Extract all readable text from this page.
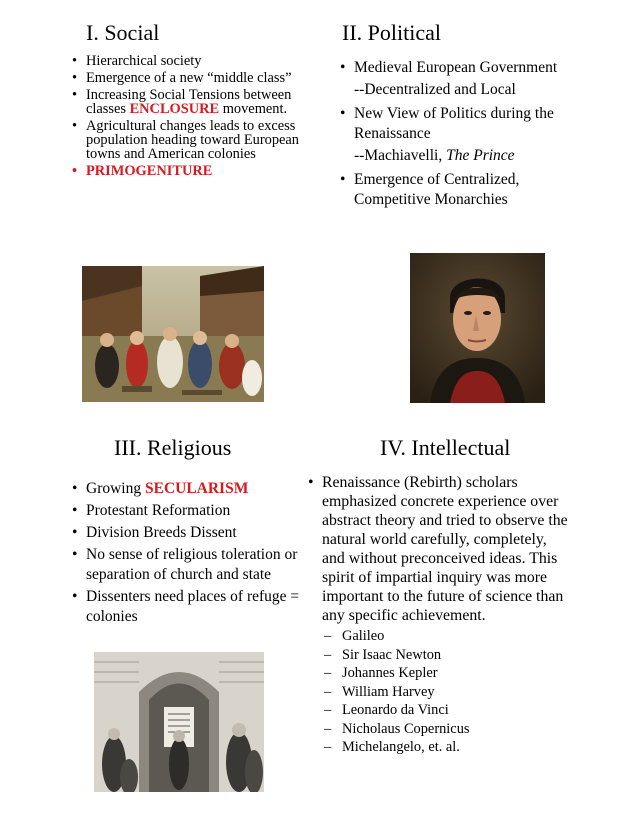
I. Social
• Hierarchical society
• Emergence of a new “middle class”
• Increasing Social Tensions between classes ENCLOSURE movement.
• Agricultural changes leads to excess population heading toward European towns and American colonies
• PRIMOGENITURE
II. Political
• Medieval European Government
--Decentralized and Local
• New View of Politics during the Renaissance
--Machiavelli, The Prince
• Emergence of Centralized, Competitive Monarchies
III. Religious
• Growing SECULARISM
• Protestant Reformation
• Division Breeds Dissent
• No sense of religious toleration or separation of church and state
• Dissenters need places of refuge = colonies
IV. Intellectual
• Renaissance (Rebirth) scholars emphasized concrete experience over abstract theory and tried to observe the natural world carefully, completely, and without preconceived ideas. This spirit of impartial inquiry was more important to the future of science than any specific achievement.
– Galileo
– Sir Isaac Newton
– Johannes Kepler
– William Harvey
– Leonardo da Vinci
– Nicholaus Copernicus
– Michelangelo, et. al.
